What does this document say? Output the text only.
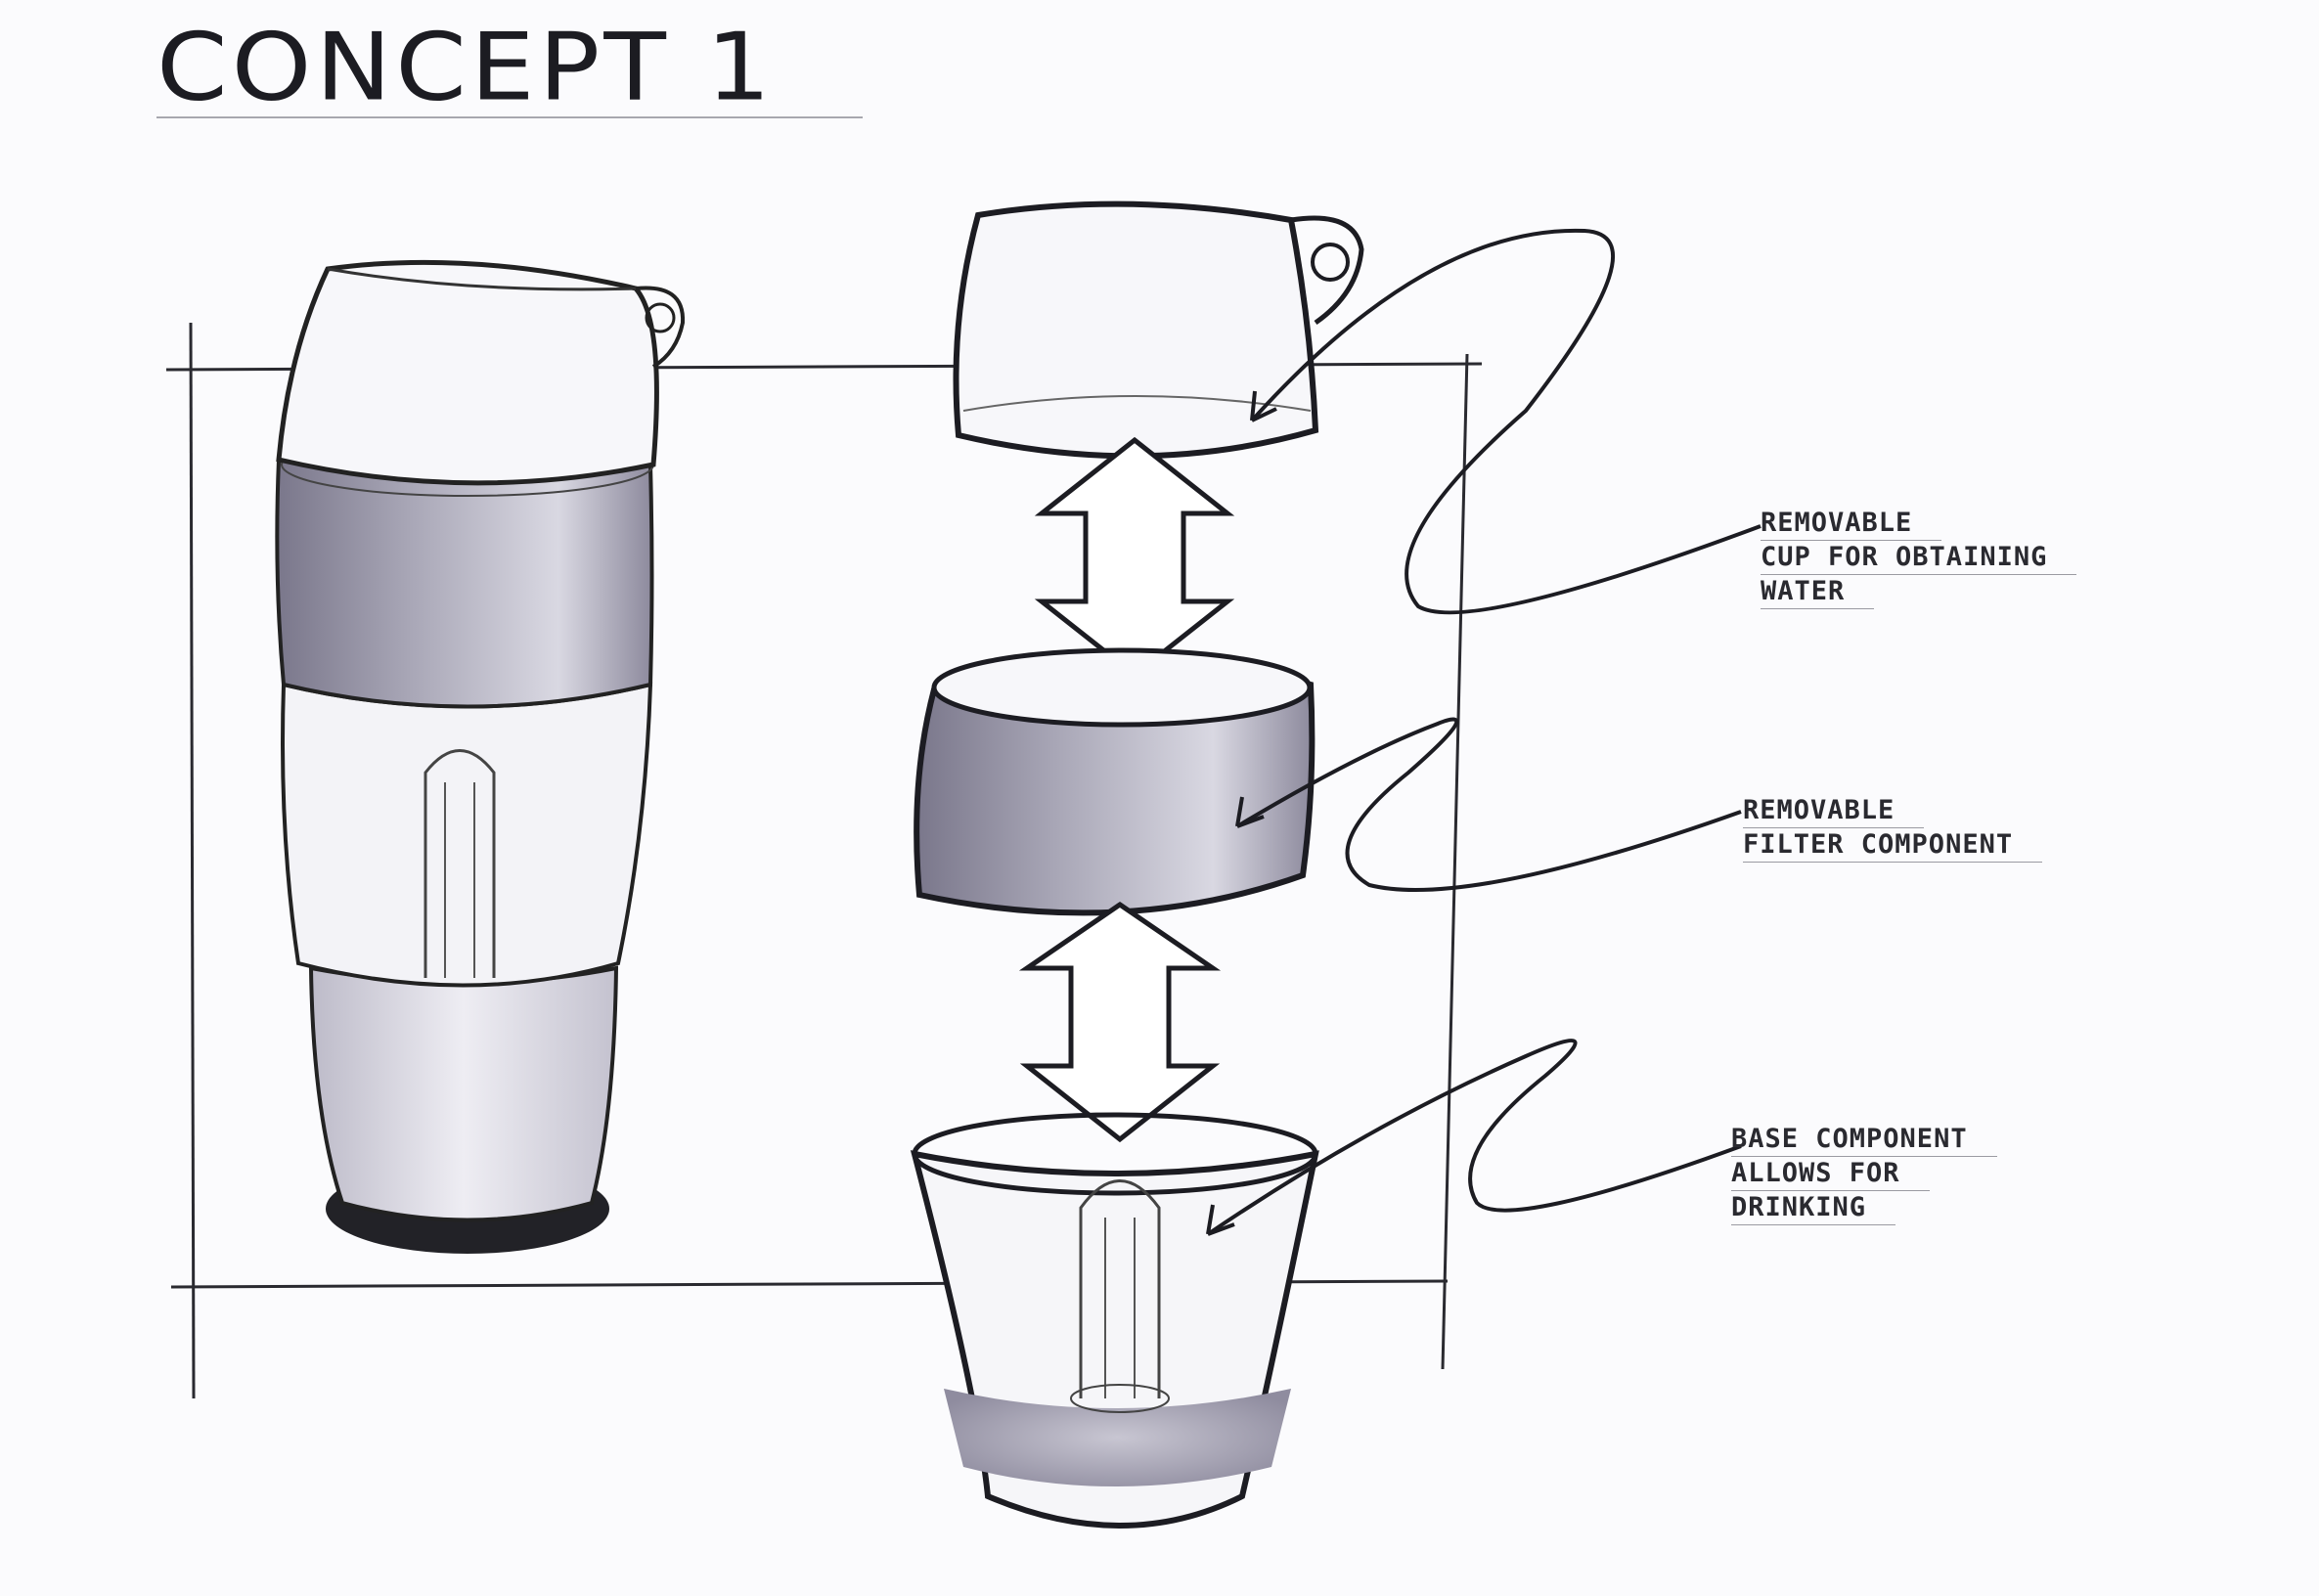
CONCEPT 1
REMOVABLE
CUP FOR OBTAINING
WATER
REMOVABLE
FILTER COMPONENT
BASE COMPONENT
ALLOWS FOR
DRINKING
